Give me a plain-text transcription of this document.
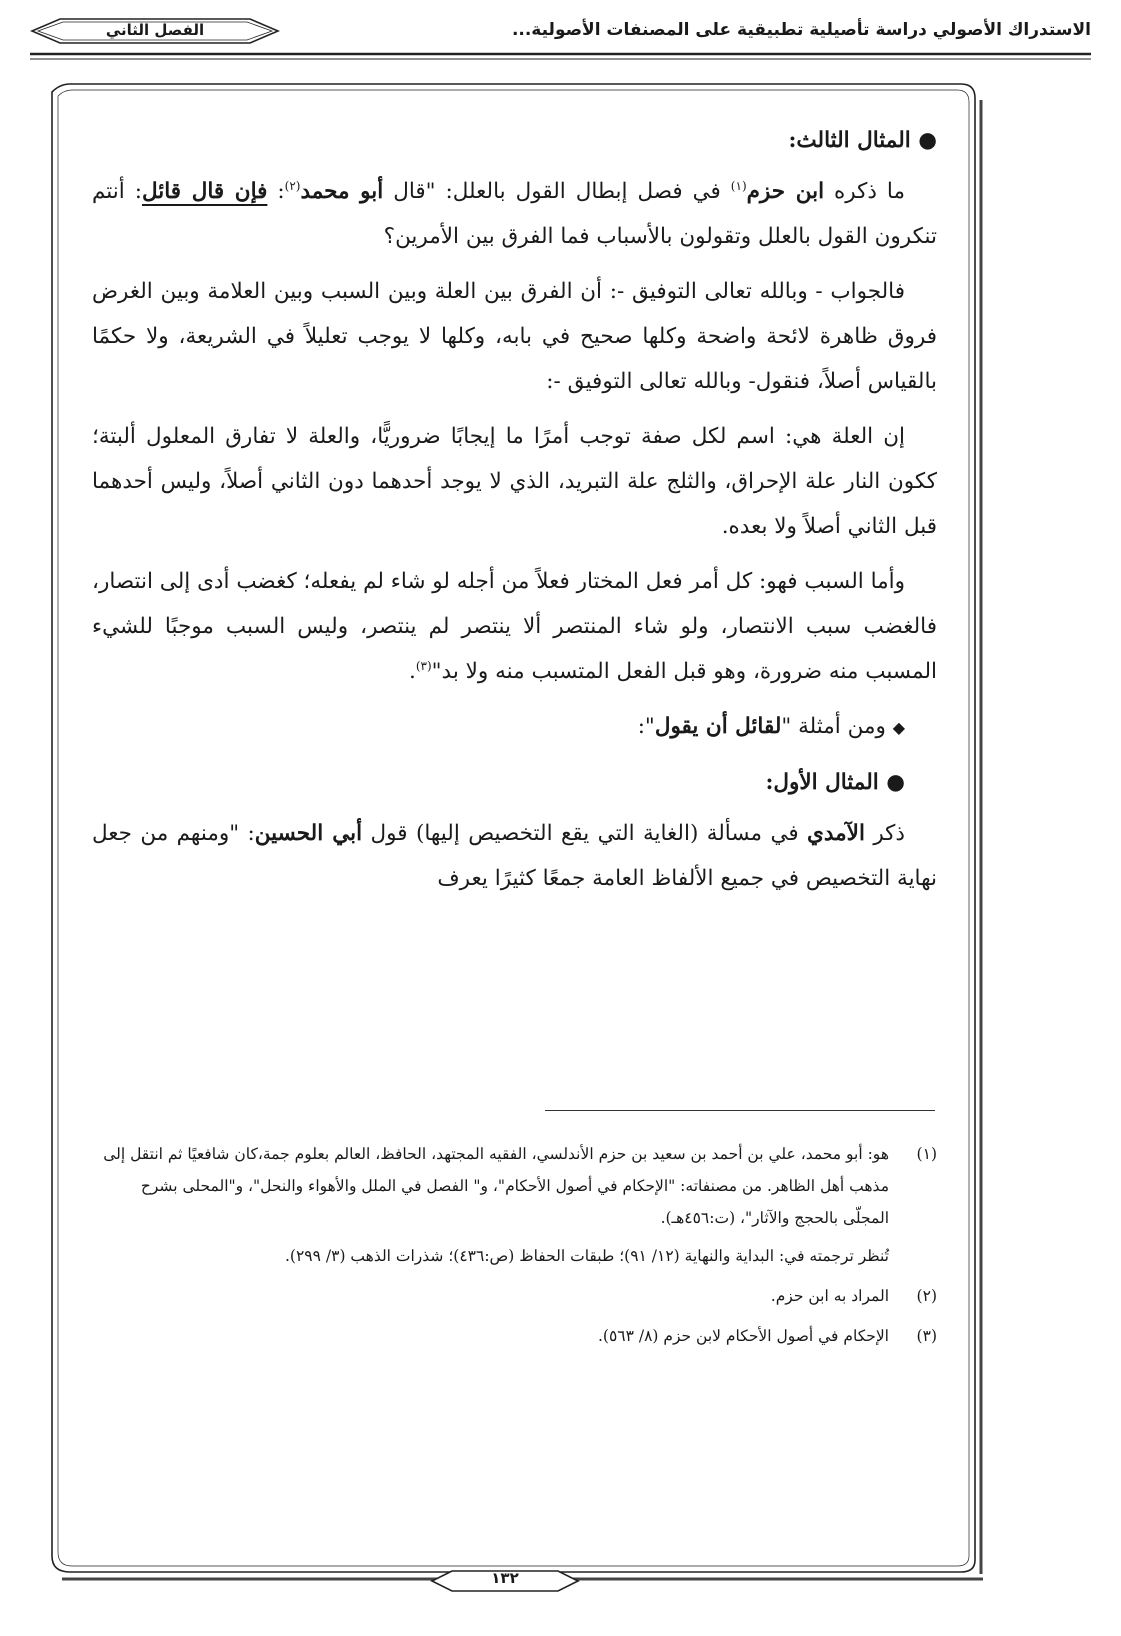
الاستدراك الأصولي دراسة تأصيلية تطبيقية على المصنفات الأصولية...
الفصل الثاني

● المثال الثالث:

ما ذكره ابن حزم$^{(١)}$ في فصل إبطال القول بالعلل: "قال أبو محمد$^{(٢)}$: فإن قال قائل: أنتم تنكرون القول بالعلل وتقولون بالأسباب فما الفرق بين الأمرين؟

فالجواب - وبالله تعالى التوفيق -: أن الفرق بين العلة وبين السبب وبين العلامة وبين الغرض فروق ظاهرة لائحة واضحة وكلها صحيح في بابه، وكلها لا يوجب تعليلاً في الشريعة، ولا حكمًا بالقياس أصلاً، فنقول- وبالله تعالى التوفيق -:

إن العلة هي: اسم لكل صفة توجب أمرًا ما إيجابًا ضروريًّا، والعلة لا تفارق المعلول ألبتة؛ ككون النار علة الإحراق، والثلج علة التبريد، الذي لا يوجد أحدهما دون الثاني أصلاً، وليس أحدهما قبل الثاني أصلاً ولا بعده.

وأما السبب فهو: كل أمر فعل المختار فعلاً من أجله لو شاء لم يفعله؛ كغضب أدى إلى انتصار، فالغضب سبب الانتصار، ولو شاء المنتصر ألا ينتصر لم ينتصر، وليس السبب موجبًا للشيء المسبب منه ضرورة، وهو قبل الفعل المتسبب منه ولا بد"$^{(٣)}$.

◆ ومن أمثلة "لقائل أن يقول":

● المثال الأول:

ذكر الآمدي في مسألة (الغاية التي يقع التخصيص إليها) قول أبي الحسين: "ومنهم من جعل نهاية التخصيص في جميع الألفاظ العامة جمعًا كثيرًا يعرف

(١)

هو: أبو محمد، علي بن أحمد بن سعيد بن حزم الأندلسي، الفقيه المجتهد، الحافظ، العالم بعلوم جمة،كان شافعيًا ثم انتقل إلى مذهب أهل الظاهر. من مصنفاته: "الإحكام في أصول الأحكام"، و" الفصل في الملل والأهواء والنحل"، و"المحلى بشرح المجلّى بالحجج والآثار"، (ت:٤٥٦هـ).

تُنظر ترجمته في: البداية والنهاية (١٢/ ٩١)؛ طبقات الحفاظ (ص:٤٣٦)؛ شذرات الذهب (٣/ ٢٩٩).

(٢)

المراد به ابن حزم.

(٣)

الإحكام في أصول الأحكام لابن حزم (٨/ ٥٦٣).

١٣٢
